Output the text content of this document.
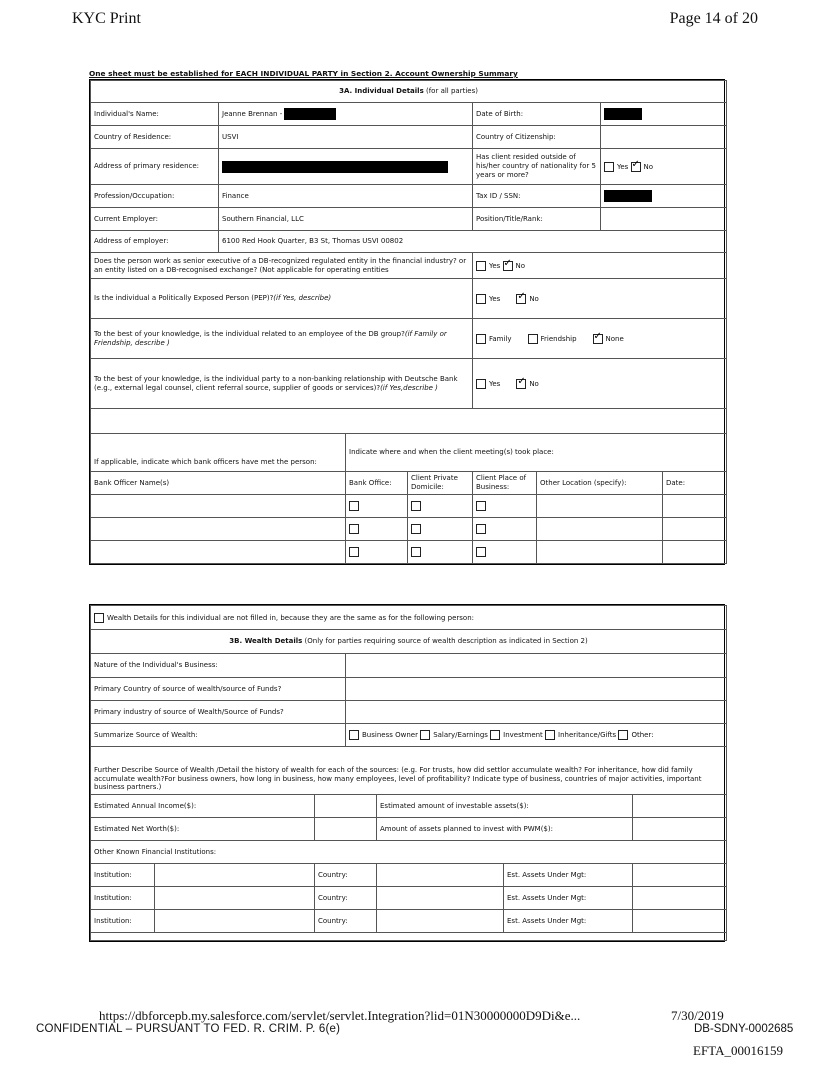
KYC Print	Page 14 of 20
One sheet must be established for EACH INDIVIDUAL PARTY in Section 2. Account Ownership Summary
3A. Individual Details (for all parties)							
Individual's Name:	Jeanne Brennan -			Date of Birth:			
Country of Residence:	USVI			Country of Citizenship:			
Address of primary residence:				Has client resided outside of his/her country of nationality for 5 years or more?		Yes ✓ No
Profession/Occupation:	Finance			Tax ID / SSN:			
Current Employer:	Southern Financial, LLC			Position/Title/Rank:			
Address of employer:	6100 Red Hook Quarter, B3 St, Thomas USVI 00802						
Does the person work as senior executive of a DB-recognized regulated entity in the financial industry? or an entity listed on a DB-recognised exchange? (Not applicable for operating entities				Yes ✓ No
Is the individual a Politically Exposed Person (PEP)?(if Yes, describe)				Yes ✓ No
To the best of your knowledge, is the individual related to an employee of the DB group?(if Family or Friendship, describe )				Family Friendship ✓ None
To the best of your knowledge, is the individual party to a non-banking relationship with Deutsche Bank (e.g., external legal counsel, client referral source, supplier of goods or services)?(if Yes,describe )				Yes ✓ No

If applicable, indicate which bank officers have met the person:		Indicate where and when the client meeting(s) took place:					
Bank Officer Name(s)		Bank Office:	Client Private Domicile:	Client Place of Business:	Other Location (specify):		Date:

Wealth Details for this individual are not filled in, because they are the same as for the following person:						
3B. Wealth Details (Only for parties requiring source of wealth description as indicated in Section 2)						
Nature of the Individual's Business:						
Primary Country of source of wealth/source of Funds?						
Primary industry of source of Wealth/Source of Funds?						
Summarize Source of Wealth:			Business Owner Salary/Earnings Investment Inheritance/Gifts Other:			
Further Describe Source of Wealth /Detail the history of wealth for each of the sources: (e.g. For trusts, how did settlor accumulate wealth? For inheritance, how did family accumulate wealth?For business owners, how long in business, how many employees, level of profitability? Indicate type of business, countries of major activities, important business partners.)						
Estimated Annual Income($):				Estimated amount of investable assets($):		
Estimated Net Worth($):				Amount of assets planned to invest with PWM($):		
Other Known Financial Institutions:						
Institution:		Country:			Est. Assets Under Mgt:	
Institution:		Country:			Est. Assets Under Mgt:	
Institution:		Country:			Est. Assets Under Mgt:	

https://dbforcepb.my.salesforce.com/servlet/servlet.Integration?lid=01N30000000D9Di&e...	7/30/2019
CONFIDENTIAL – PURSUANT TO FED. R. CRIM. P. 6(e)	DB-SDNY-0002685
EFTA_00016159
